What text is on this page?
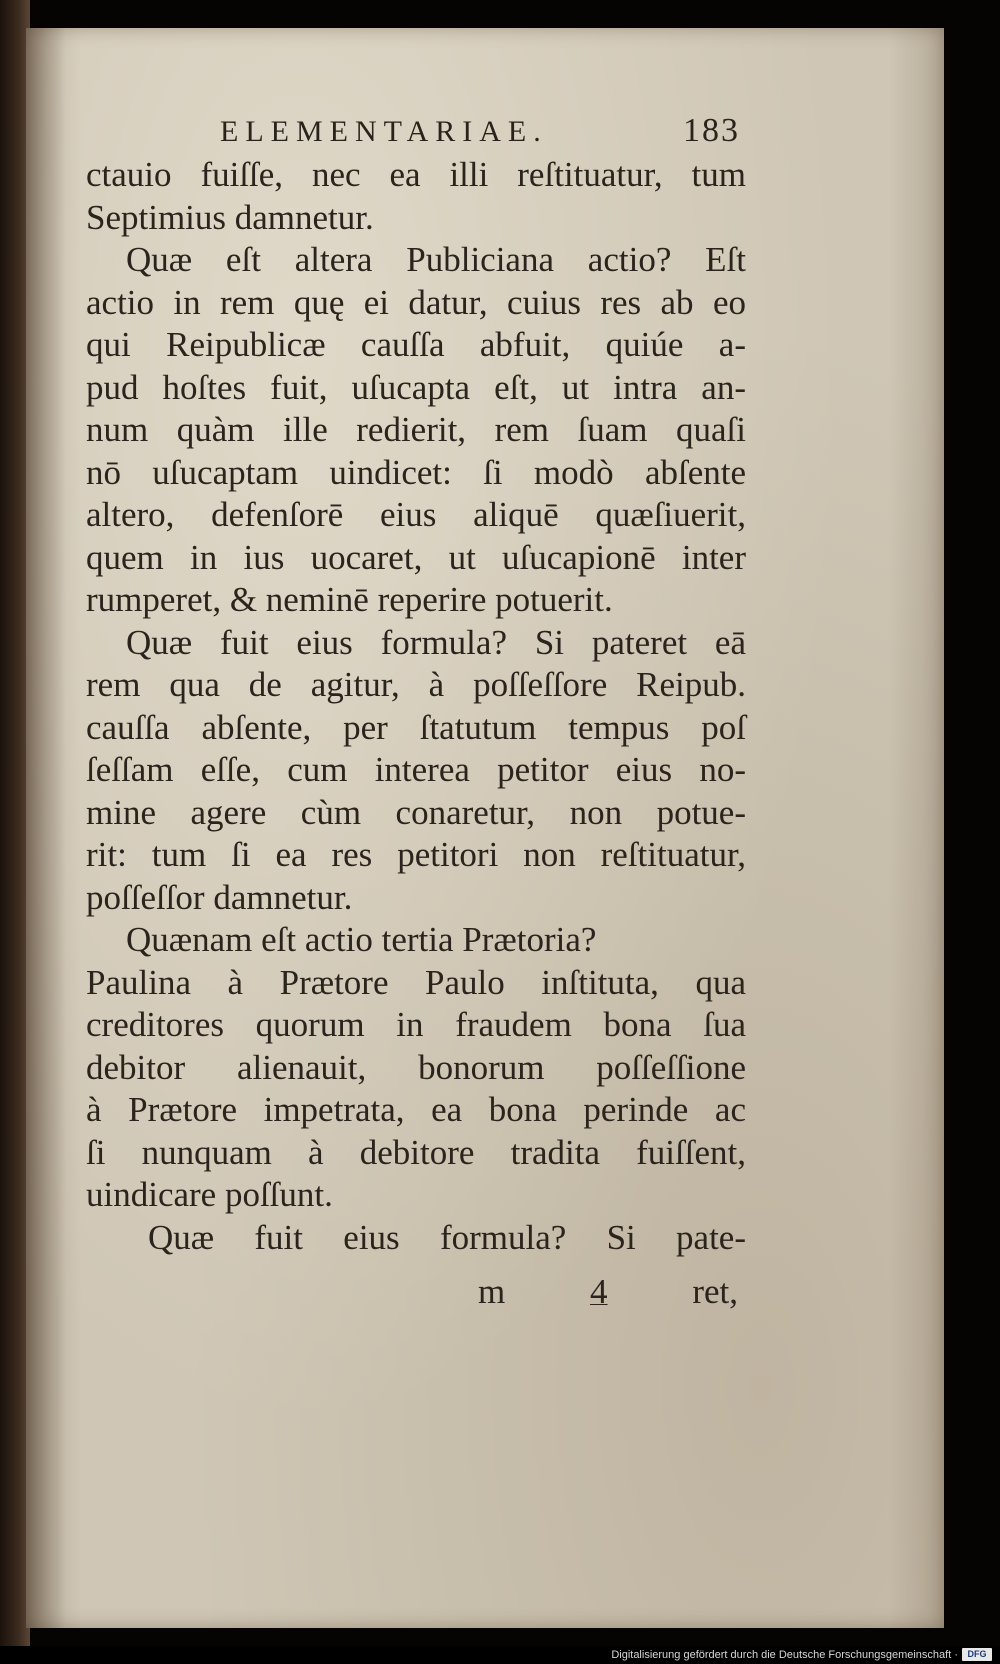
ELEMENTARIAE.	183
ctauio fuiſſe, nec ea illi reſtituatur, tum
Septimius damnetur.
Quæ eſt altera Publiciana actio? Eſt
actio in rem quę ei datur, cuius res ab eo
qui Reipublicæ cauſſa abfuit, quiúe a-
pud hoſtes fuit, uſucapta eſt, ut intra an-
num quàm ille redierit, rem ſuam quaſi
nō uſucaptam uindicet: ſi modò abſente
altero, defenſorē eius aliquē quæſiuerit,
quem in ius uocaret, ut uſucapionē inter
rumperet, & neminē reperire potuerit.
Quæ fuit eius formula? Si pateret eā
rem qua de agitur, à poſſeſſore Reipub.
cauſſa abſente, per ſtatutum tempus poſ
ſeſſam eſſe, cum interea petitor eius no-
mine agere cùm conaretur, non potue-
rit: tum ſi ea res petitori non reſtituatur,
poſſeſſor damnetur.
Quænam eſt actio tertia Prætoria?
Paulina à Prætore Paulo inſtituta, qua
creditores quorum in fraudem bona ſua
debitor alienauit, bonorum poſſeſſione
à Prætore impetrata, ea bona perinde ac
ſi nunquam à debitore tradita fuiſſent,
uindicare poſſunt.
Quæ fuit eius formula? Si pate-
m 4 ret,
Digitalisierung gefördert durch die Deutsche Forschungsgemeinschaft ·	DFG
